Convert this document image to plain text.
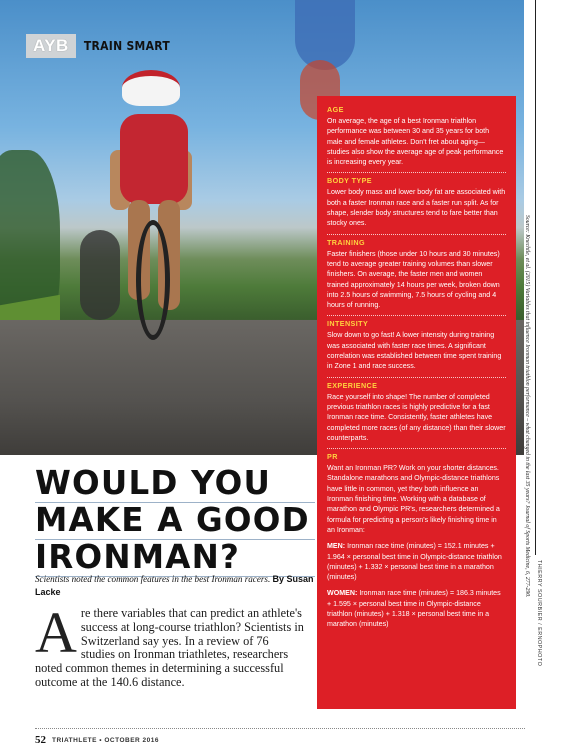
AYB	TRAIN SMART
AGE

On average, the age of a best Ironman triathlon performance was between 30 and 35 years for both male and female athletes. Don't fret about aging—studies also show the average age of peak performance is increasing every year.

BODY TYPE

Lower body mass and lower body fat are associated with both a faster Ironman race and a faster run split. As for shape, slender body structures tend to fare better than stocky ones.

TRAINING

Faster finishers (those under 10 hours and 30 minutes) tend to average greater training volumes than slower finishers. On average, the faster men and women trained approximately 14 hours per week, broken down into 2.5 hours of swimming, 7.5 hours of cycling and 4 hours of running.

INTENSITY

Slow down to go fast! A lower intensity during training was associated with faster race times. A significant correlation was established between time spent training in Zone 1 and race success.

EXPERIENCE

Race yourself into shape! The number of completed previous triathlon races is highly predictive for a fast Ironman race time. Consistently, faster athletes have completed more races (of any distance) than their slower counterparts.

PR

Want an Ironman PR? Work on your shorter distances. Standalone marathons and Olympic-distance triathlons have little in common, yet they both influence an Ironman finishing time. Working with a database of marathon and Olympic PR's, researchers determined a formula for predicting a person's likely finishing time in an Ironman:

MEN: Ironman race time (minutes) = 152.1 minutes + 1.964 × personal best time in Olympic-distance triathlon (minutes) + 1.332 × personal best time in a marathon (minutes)

WOMEN: Ironman race time (minutes) = 186.3 minutes + 1.595 × personal best time in Olympic-distance triathlon (minutes) + 1.318 × personal best time in a marathon (minutes)

Source: Knechtle, et al. (2015) Variables that influence Ironman triathlon performance – what changed in the last 35 years? Journal of Sports Medicine, 6, 277-290.
THIERRY SOURBIER / ERNOPHOTO
WOULD YOU
MAKE A GOOD
IRONMAN?

Scientists noted the common features in the best Ironman racers. By Susan Lacke

A re there variables that can predict an athlete's success at long-course triathlon? Scientists in Switzerland say yes. In a review of 76 studies on Ironman triathletes, researchers noted common themes in determining a successful outcome at the 140.6 distance.
52 TRIATHLETE • OCTOBER 2016
